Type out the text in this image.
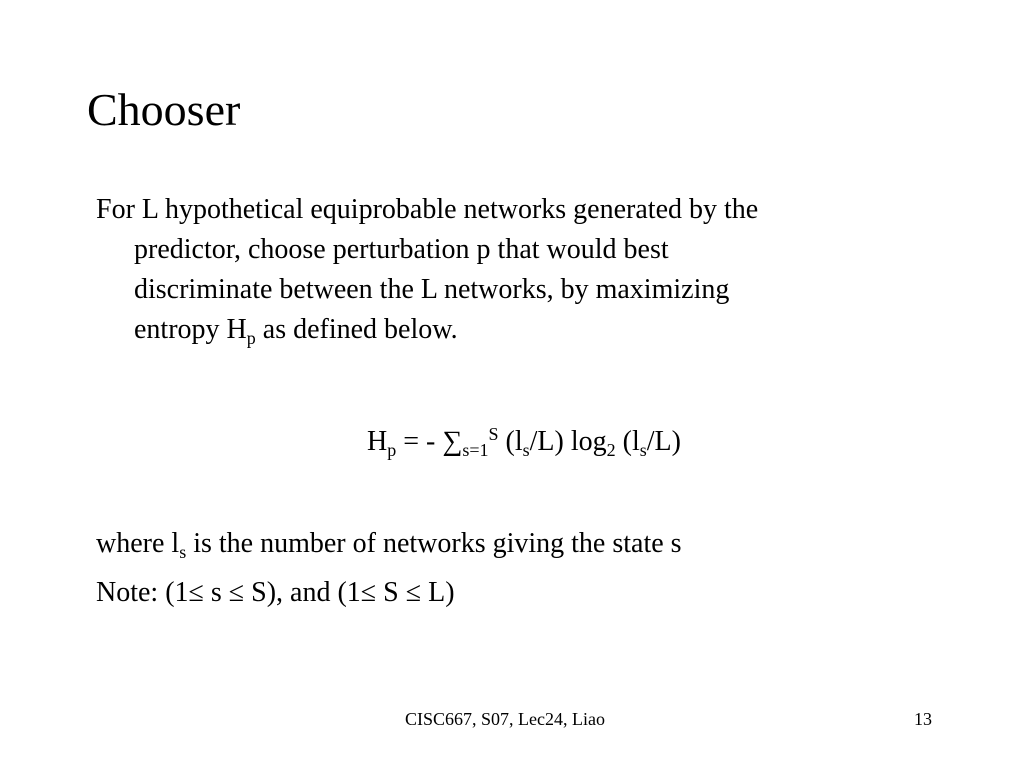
Chooser
For L hypothetical equiprobable networks generated by the
predictor, choose perturbation p that would best
discriminate between the L networks, by maximizing
entropy $H_p$ as defined below.
$H_p$ = - $\sum_{s=1}^S$ $(l_s/L)$ $\log_2 (l_s/L)$
where $l_s$ is the number of networks giving the state s
Note: (1≤ s ≤ S), and (1≤ S ≤ L)
CISC667, S07, Lec24, Liao	13
